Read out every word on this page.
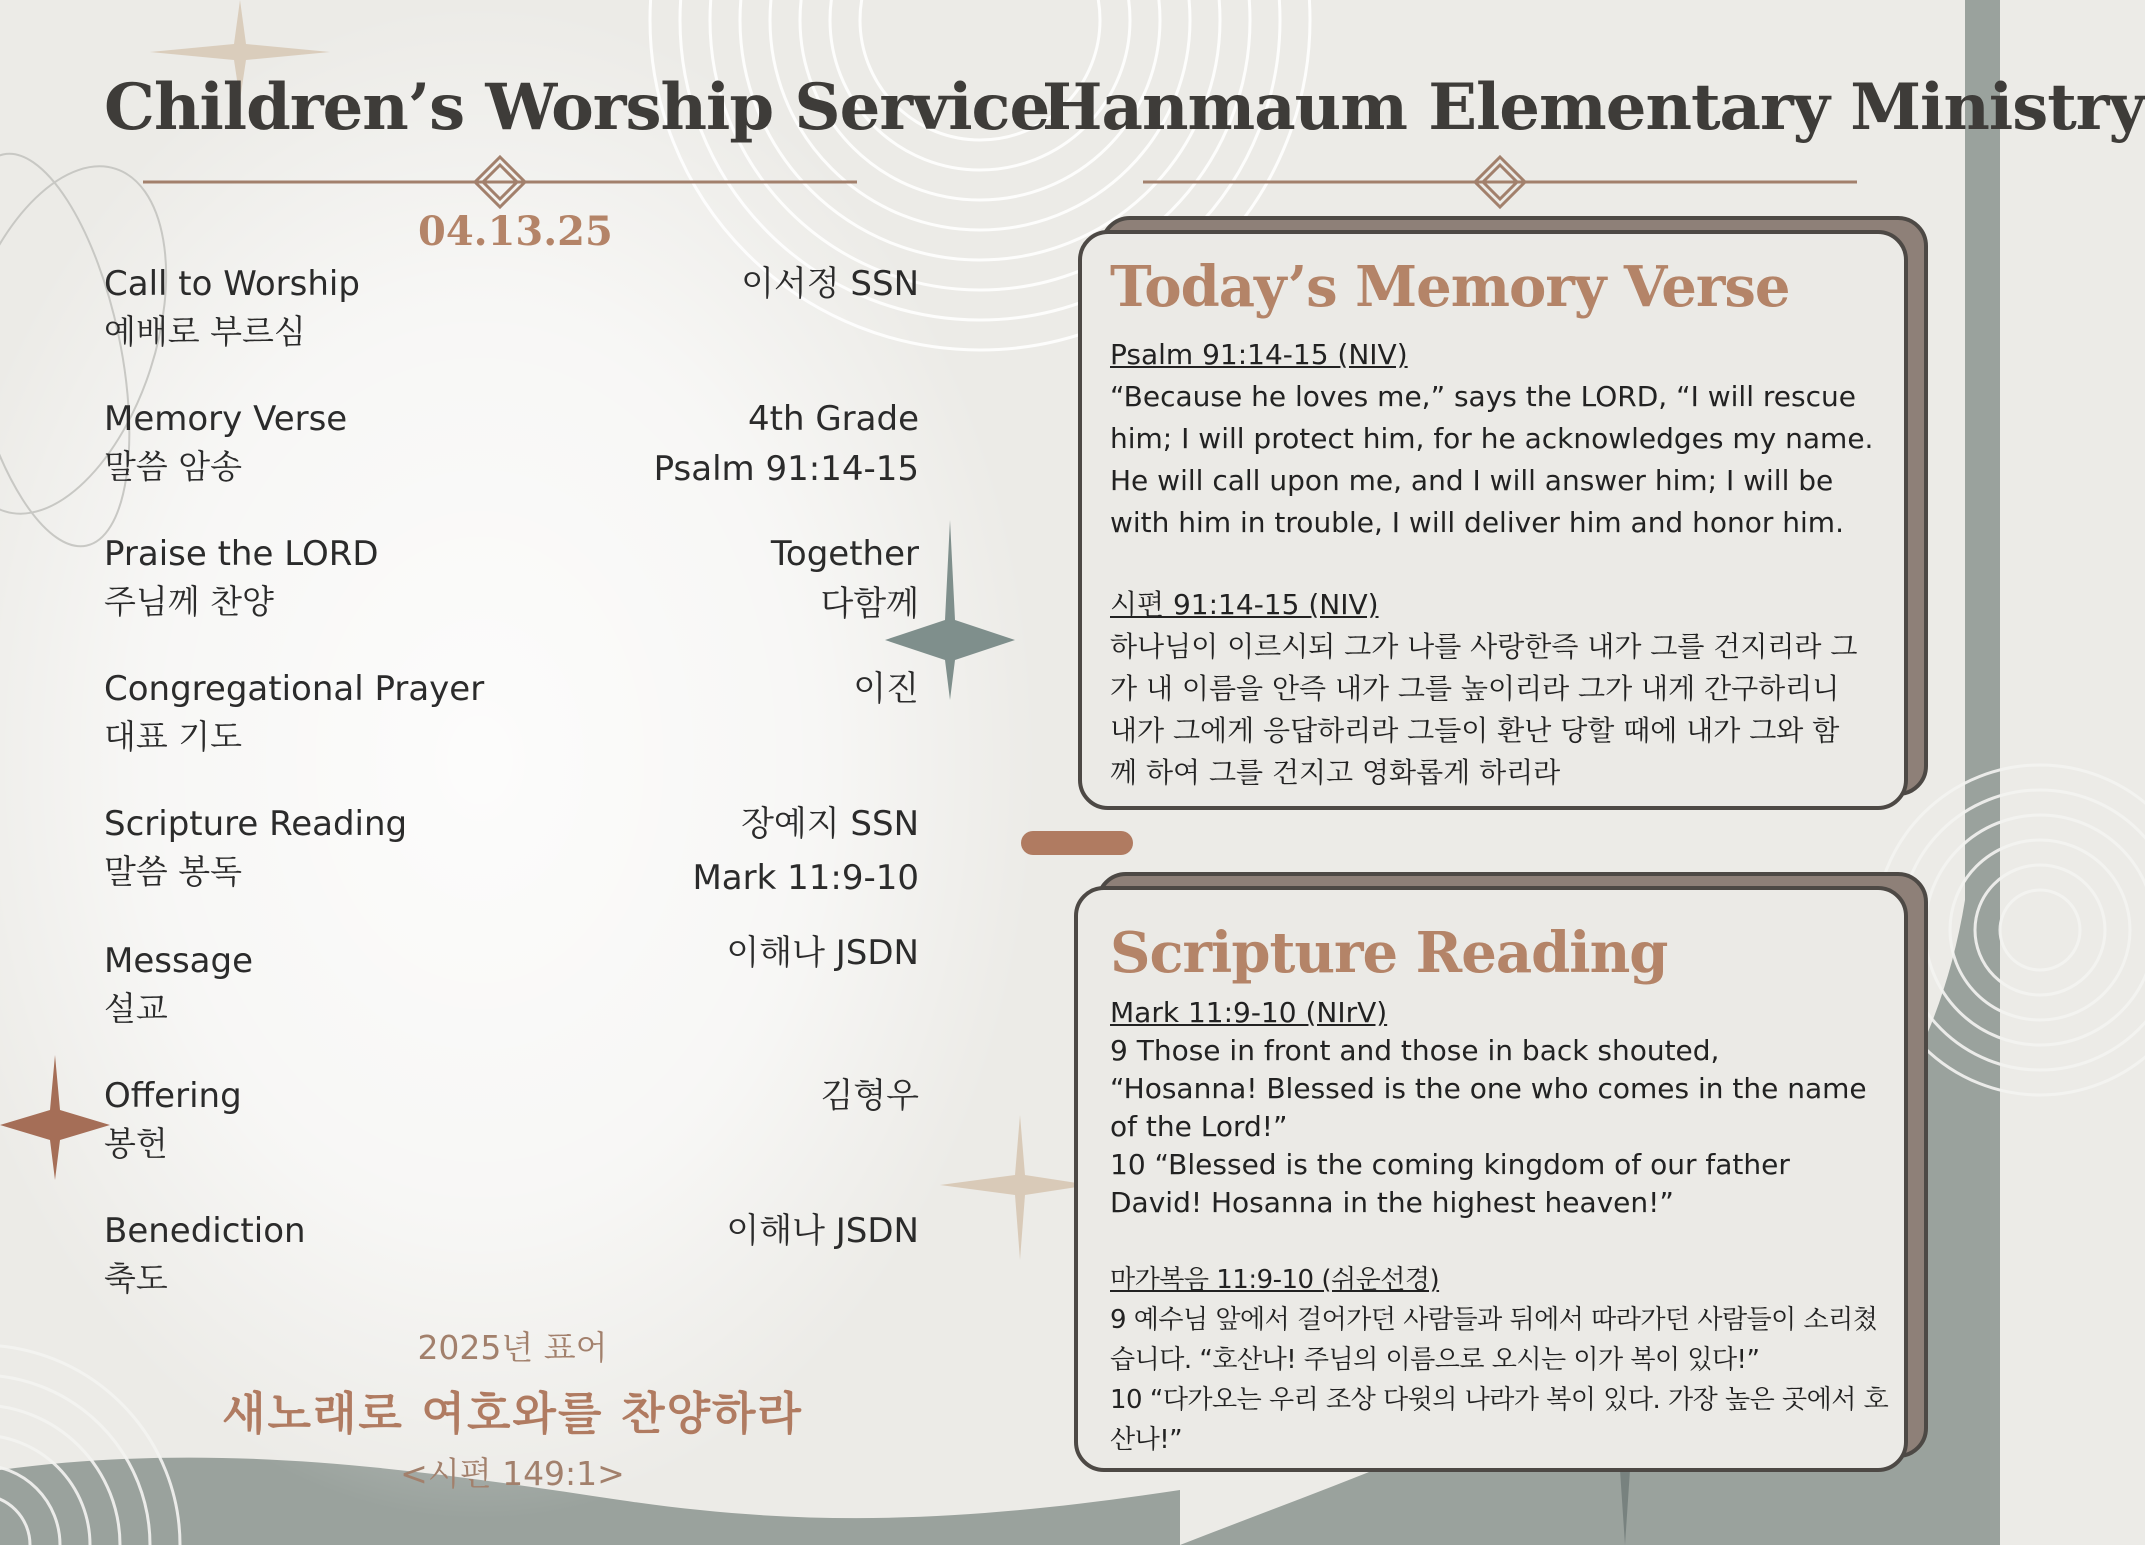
Children’s Worship Service
04.13.25
Call to Worship
예배로 부르심
이서정 SSN
Memory Verse
말씀 암송
4th Grade
Psalm 91:14-15
Praise the LORD
주님께 찬양
Together
다함께
Congregational Prayer
대표 기도
이진
Scripture Reading
말씀 봉독
장예지 SSN
Mark 11:9-10
Message
설교
이해나 JSDN
Offering
봉헌
김형우
Benediction
축도
이해나 JSDN
2025년 표어
새노래로 여호와를 찬양하라
<시편 149:1>
Hanmaum Elementary Ministry
Today’s Memory Verse
Psalm 91:14-15 (NIV)

“Because he loves me,” says the LORD, “I will rescue

him; I will protect him, for he acknowledges my name.

He will call upon me, and I will answer him; I will be

with him in trouble, I will deliver him and honor him.

시편 91:14-15 (NIV)

하나님이 이르시되 그가 나를 사랑한즉 내가 그를 건지리라 그

가 내 이름을 안즉 내가 그를 높이리라 그가 내게 간구하리니

내가 그에게 응답하리라 그들이 환난 당할 때에 내가 그와 함

께 하여 그를 건지고 영화롭게 하리라

Scripture Reading
Mark 11:9-10 (NIrV)

9 Those in front and those in back shouted,

“Hosanna! Blessed is the one who comes in the name

of the Lord!”

10 “Blessed is the coming kingdom of our father

David! Hosanna in the highest heaven!”

마가복음 11:9-10 (쉬운선경)

9 예수님 앞에서 걸어가던 사람들과 뒤에서 따라가던 사람들이 소리쳤

습니다. “호산나! 주님의 이름으로 오시는 이가 복이 있다!”

10 “다가오는 우리 조상 다윗의 나라가 복이 있다. 가장 높은 곳에서 호

산나!”
